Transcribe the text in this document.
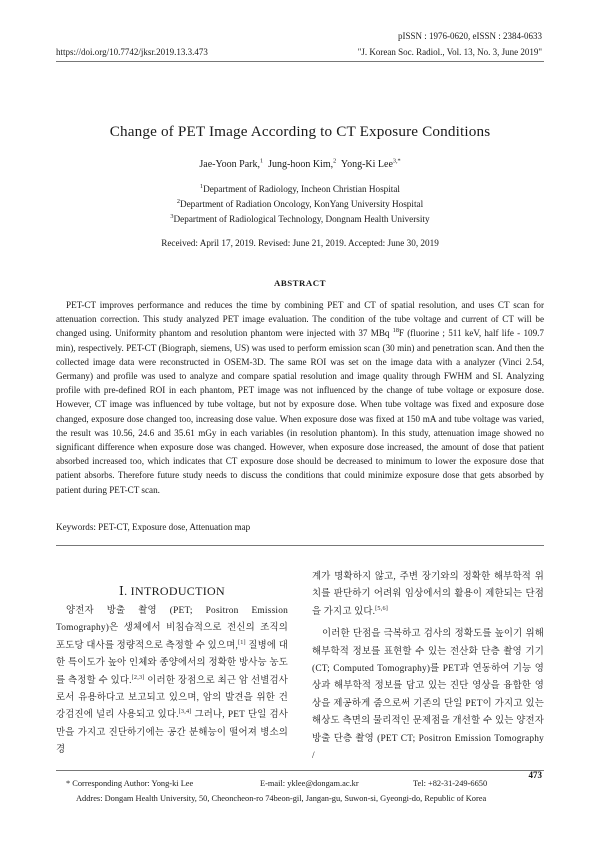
pISSN : 1976-0620, eISSN : 2384-0633
https://doi.org/10.7742/jksr.2019.13.3.473	"J. Korean Soc. Radiol., Vol. 13, No. 3, June 2019"
Change of PET Image According to CT Exposure Conditions
Jae-Yoon Park,$^1$ Jung-hoon Kim,$^2$ Yong-Ki Lee$^{3,*}$
$^1$Department of Radiology, Incheon Christian Hospital
$^2$Department of Radiation Oncology, KonYang University Hospital
$^3$Department of Radiological Technology, Dongnam Health University
Received: April 17, 2019. Revised: June 21, 2019. Accepted: June 30, 2019
ABSTRACT
PET-CT improves performance and reduces the time by combining PET and CT of spatial resolution, and uses CT scan for attenuation correction. This study analyzed PET image evaluation. The condition of the tube voltage and current of CT will be changed using. Uniformity phantom and resolution phantom were injected with 37 MBq $^{18}$F (fluorine ; 511 keV, half life - 109.7 min), respectively. PET-CT (Biograph, siemens, US) was used to perform emission scan (30 min) and penetration scan. And then the collected image data were reconstructed in OSEM-3D. The same ROI was set on the image data with a analyzer (Vinci 2.54, Germany) and profile was used to analyze and compare spatial resolution and image quality through FWHM and SI. Analyzing profile with pre-defined ROI in each phantom, PET image was not influenced by the change of tube voltage or exposure dose. However, CT image was influenced by tube voltage, but not by exposure dose. When tube voltage was fixed and exposure dose changed, exposure dose changed too, increasing dose value. When exposure dose was fixed at 150 mA and tube voltage was varied, the result was 10.56, 24.6 and 35.61 mGy in each variables (in resolution phantom). In this study, attenuation image showed no significant difference when exposure dose was changed. However, when exposure dose increased, the amount of dose that patient absorbed increased too, which indicates that CT exposure dose should be decreased to minimum to lower the exposure dose that patient absorbs. Therefore future study needs to discuss the conditions that could minimize exposure dose that gets absorbed by patient during PET-CT scan.
Keywords: PET-CT, Exposure dose, Attenuation map
Ⅰ. INTRODUCTION

양전자 방출 촬영 (PET; Positron Emission Tomography)은 생체에서 비침습적으로 전신의 조직의 포도당 대사를 정량적으로 측정할 수 있으며,[1] 질병에 대한 특이도가 높아 인체와 종양에서의 정확한 방사능 농도를 측정할 수 있다.[2,3] 이러한 장점으로 최근 암 선별검사로서 유용하다고 보고되고 있으며, 암의 발견을 위한 건강검진에 널리 사용되고 있다.[3,4] 그러나, PET 단일 검사만을 가지고 진단하기에는 공간 분해능이 떨어져 병소의 경

계가 명확하지 않고, 주변 장기와의 정확한 해부학적 위치를 판단하기 어려워 임상에서의 활용이 제한되는 단점을 가지고 있다.[5,6]

이러한 단점을 극복하고 검사의 정확도를 높이기 위해 해부학적 정보를 표현할 수 있는 전산화 단층 촬영 기기 (CT; Computed Tomography)를 PET과 연동하여 기능 영상과 해부학적 정보를 담고 있는 진단 영상을 융합한 영상을 제공하게 줌으로써 기존의 단일 PET이 가지고 있는 해상도 측면의 물리적인 문제점을 개선할 수 있는 양전자 방출 단층 촬영 (PET CT; Positron Emission Tomography /

* Corresponding Author: Yong-ki Lee	E-mail: yklee@dongam.ac.kr	Tel: +82-31-249-6650
Addres: Dongam Health University, 50, Cheoncheon-ro 74beon-gil, Jangan-gu, Suwon-si, Gyeongi-do, Republic of Korea
473
